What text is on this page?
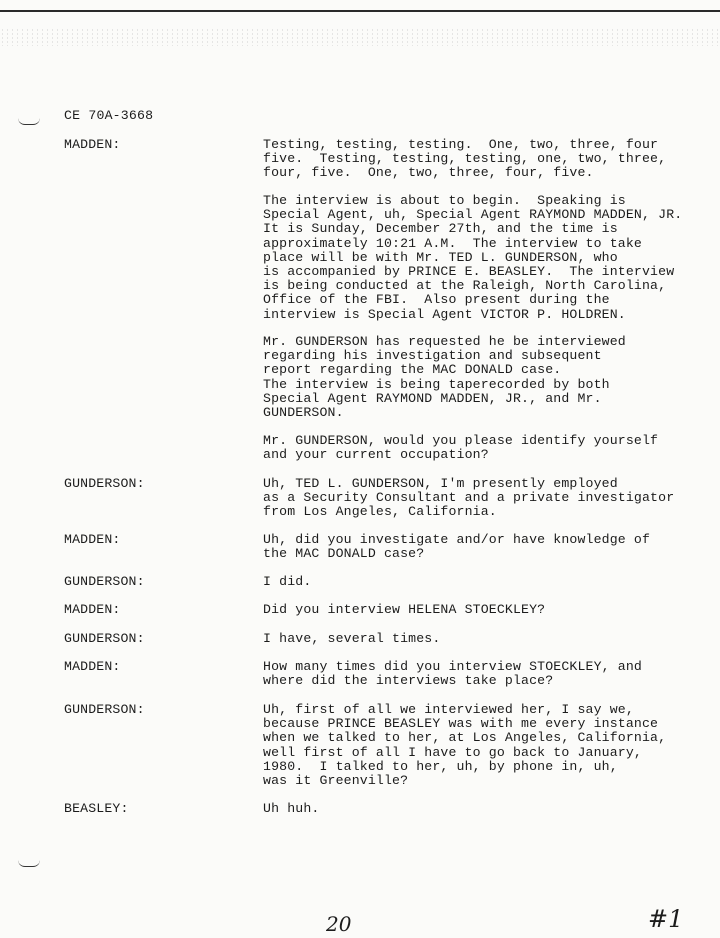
CE 70A-3668
MADDEN:	Testing, testing, testing.  One, two, three, four
five.  Testing, testing, testing, one, two, three,
four, five.  One, two, three, four, five.
The interview is about to begin.  Speaking is
Special Agent, uh, Special Agent RAYMOND MADDEN, JR.
It is Sunday, December 27th, and the time is
approximately 10:21 A.M.  The interview to take
place will be with Mr. TED L. GUNDERSON, who
is accompanied by PRINCE E. BEASLEY.  The interview
is being conducted at the Raleigh, North Carolina,
Office of the FBI.  Also present during the
interview is Special Agent VICTOR P. HOLDREN.
Mr. GUNDERSON has requested he be interviewed
regarding his investigation and subsequent
report regarding the MAC DONALD case.
The interview is being taperecorded by both
Special Agent RAYMOND MADDEN, JR., and Mr.
GUNDERSON.
Mr. GUNDERSON, would you please identify yourself
and your current occupation?
GUNDERSON:	Uh, TED L. GUNDERSON, I'm presently employed
as a Security Consultant and a private investigator
from Los Angeles, California.
MADDEN:	Uh, did you investigate and/or have knowledge of
the MAC DONALD case?
GUNDERSON:	I did.
MADDEN:	Did you interview HELENA STOECKLEY?
GUNDERSON:	I have, several times.
MADDEN:	How many times did you interview STOECKLEY, and
where did the interviews take place?
GUNDERSON:	Uh, first of all we interviewed her, I say we,
because PRINCE BEASLEY was with me every instance
when we talked to her, at Los Angeles, California,
well first of all I have to go back to January,
1980.  I talked to her, uh, by phone in, uh,
was it Greenville?
BEASLEY:	Uh huh.
20	#1
